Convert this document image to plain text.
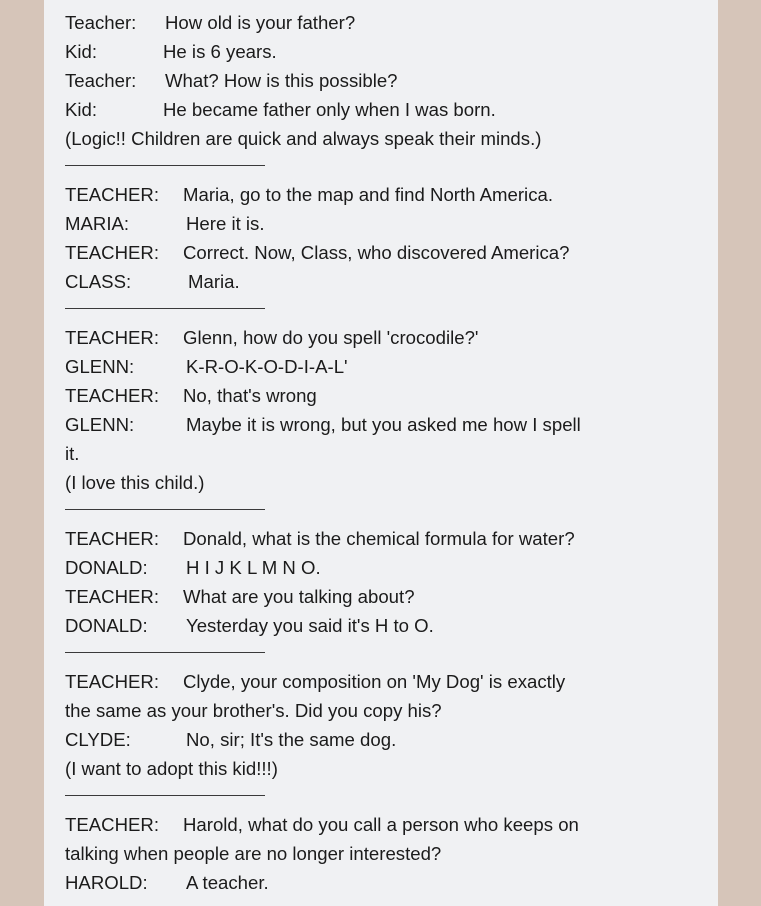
Teacher: How old is your father?
Kid:	He is 6 years.
Teacher: What? How is this possible?
Kid:	He became father only when I was born.
(Logic!! Children are quick and always speak their minds.)
TEACHER: Maria, go to the map and find North America.
MARIA:	Here it is.
TEACHER: Correct. Now, Class, who discovered America?
CLASS:	Maria.
TEACHER: Glenn, how do you spell 'crocodile?'
GLENN:	K-R-O-K-O-D-I-A-L'
TEACHER: No, that's wrong
GLENN:	Maybe it is wrong, but you asked me how I spell
it.
(I love this child.)
TEACHER: Donald, what is the chemical formula for water?
DONALD: H I J K L M N O.
TEACHER: What are you talking about?
DONALD: Yesterday you said it's H to O.
TEACHER: Clyde, your composition on 'My Dog' is exactly
the same as your brother's. Did you copy his?
CLYDE:	No, sir; It's the same dog.
(I want to adopt this kid!!!)
TEACHER: Harold, what do you call a person who keeps on
talking when people are no longer interested?
HAROLD: A teacher.
